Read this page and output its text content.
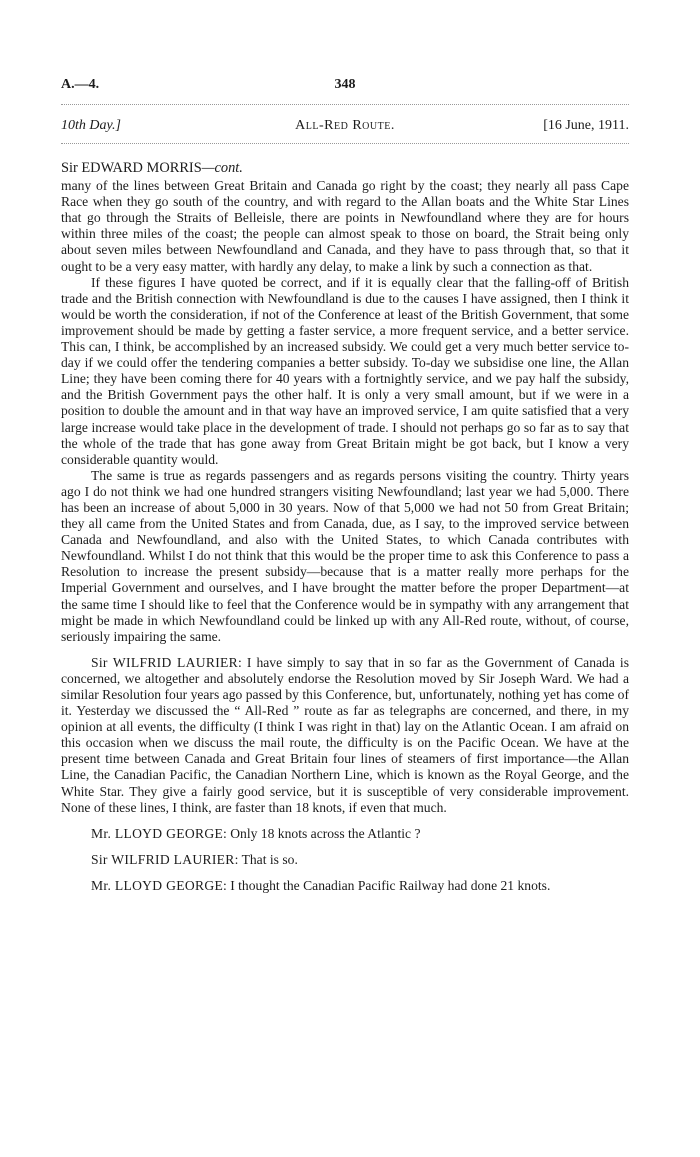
A.—4.	348
10th Day.]	All-Red Route.	[16 June, 1911.
Sir EDWARD MORRIS—cont.

many of the lines between Great Britain and Canada go right by the coast; they nearly all pass Cape Race when they go south of the country, and with regard to the Allan boats and the White Star Lines that go through the Straits of Belleisle, there are points in Newfoundland where they are for hours within three miles of the coast; the people can almost speak to those on board, the Strait being only about seven miles between Newfoundland and Canada, and they have to pass through that, so that it ought to be a very easy matter, with hardly any delay, to make a link by such a connection as that.

If these figures I have quoted be correct, and if it is equally clear that the falling-off of British trade and the British connection with Newfoundland is due to the causes I have assigned, then I think it would be worth the consideration, if not of the Conference at least of the British Government, that some improvement should be made by getting a faster service, a more frequent service, and a better service. This can, I think, be accomplished by an increased subsidy. We could get a very much better service to-day if we could offer the tendering companies a better subsidy. To-day we subsidise one line, the Allan Line; they have been coming there for 40 years with a fortnightly service, and we pay half the subsidy, and the British Government pays the other half. It is only a very small amount, but if we were in a position to double the amount and in that way have an improved service, I am quite satisfied that a very large increase would take place in the development of trade. I should not perhaps go so far as to say that the whole of the trade that has gone away from Great Britain might be got back, but I know a very considerable quantity would.

The same is true as regards passengers and as regards persons visiting the country. Thirty years ago I do not think we had one hundred strangers visiting Newfoundland; last year we had 5,000. There has been an increase of about 5,000 in 30 years. Now of that 5,000 we had not 50 from Great Britain; they all came from the United States and from Canada, due, as I say, to the improved service between Canada and Newfoundland, and also with the United States, to which Canada contributes with Newfoundland. Whilst I do not think that this would be the proper time to ask this Conference to pass a Resolution to increase the present subsidy—because that is a matter really more perhaps for the Imperial Government and ourselves, and I have brought the matter before the proper Department—at the same time I should like to feel that the Conference would be in sympathy with any arrangement that might be made in which Newfoundland could be linked up with any All-Red route, without, of course, seriously impairing the same.

Sir WILFRID LAURIER: I have simply to say that in so far as the Government of Canada is concerned, we altogether and absolutely endorse the Resolution moved by Sir Joseph Ward. We had a similar Resolution four years ago passed by this Conference, but, unfortunately, nothing yet has come of it. Yesterday we discussed the “ All-Red ” route as far as telegraphs are concerned, and there, in my opinion at all events, the difficulty (I think I was right in that) lay on the Atlantic Ocean. I am afraid on this occasion when we discuss the mail route, the difficulty is on the Pacific Ocean. We have at the present time between Canada and Great Britain four lines of steamers of first importance—the Allan Line, the Canadian Pacific, the Canadian Northern Line, which is known as the Royal George, and the White Star. They give a fairly good service, but it is susceptible of very considerable improvement. None of these lines, I think, are faster than 18 knots, if even that much.

Mr. LLOYD GEORGE: Only 18 knots across the Atlantic ?

Sir WILFRID LAURIER: That is so.

Mr. LLOYD GEORGE: I thought the Canadian Pacific Railway had done 21 knots.
